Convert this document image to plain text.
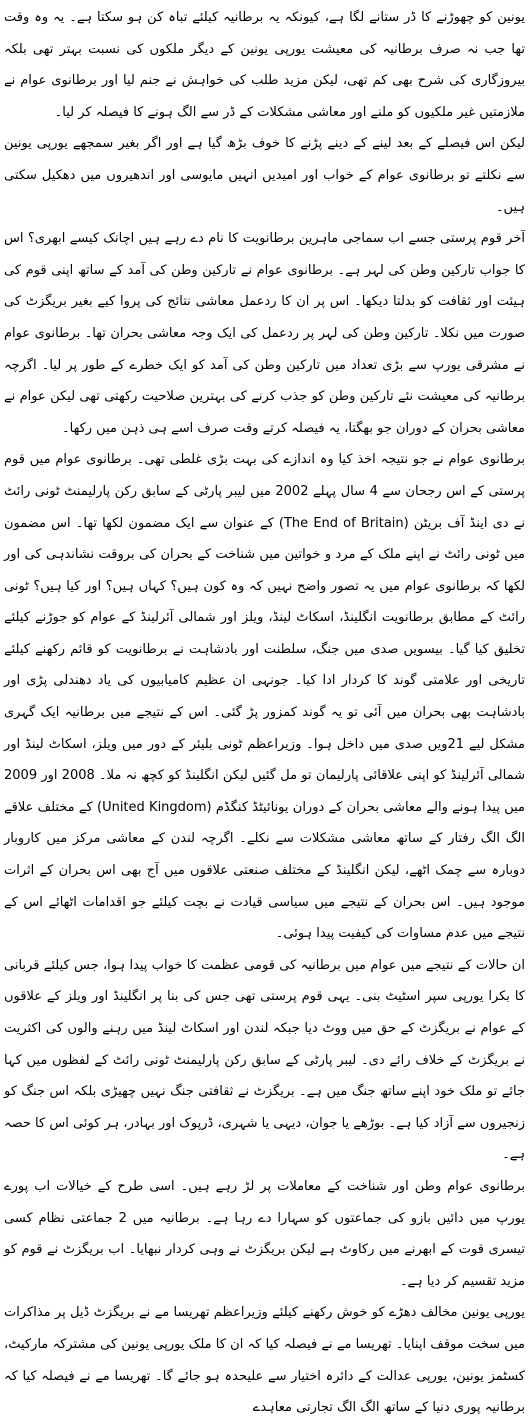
یونین کو چھوڑنے کا ڈر ستانے لگا ہے، کیونکہ یہ برطانیہ کیلئے تباہ کن ہو سکتا ہے۔ یہ وہ وقت تھا جب نہ صرف برطانیہ کی معیشت یورپی یونین کے دیگر ملکوں کی نسبت بہتر تھی بلکہ بیروزگاری کی شرح بھی کم تھی، لیکن مزید طلب کی خواہش نے جنم لیا اور برطانوی عوام نے ملازمتیں غیر ملکیوں کو ملنے اور معاشی مشکلات کے ڈر سے الگ ہونے کا فیصلہ کر لیا۔

لیکن اس فیصلے کے بعد لینے کے دینے پڑنے کا خوف بڑھ گیا ہے اور اگر بغیر سمجھے یورپی یونین سے نکلتے تو برطانوی عوام کے خواب اور امیدیں انہیں مایوسی اور اندھیروں میں دھکیل سکتی ہیں۔

آخر قوم پرستی جسے اب سماجی ماہرین برطانویت کا نام دے رہے ہیں اچانک کیسے ابھری؟ اس کا جواب تارکین وطن کی لہر ہے۔ برطانوی عوام نے تارکین وطن کی آمد کے ساتھ اپنی قوم کی ہیئت اور ثقافت کو بدلتا دیکھا۔ اس پر ان کا ردعمل معاشی نتائج کی پروا کیے بغیر بریگزٹ کی صورت میں نکلا۔ تارکین وطن کی لہر پر ردعمل کی ایک وجہ معاشی بحران تھا۔ برطانوی عوام نے مشرقی یورپ سے بڑی تعداد میں تارکین وطن کی آمد کو ایک خطرے کے طور پر لیا۔ اگرچہ برطانیہ کی معیشت نئے تارکین وطن کو جذب کرنے کی بہترین صلاحیت رکھتی تھی لیکن عوام نے معاشی بحران کے دوران جو بھگتا، یہ فیصلہ کرتے وقت صرف اسے ہی ذہن میں رکھا۔

برطانوی عوام نے جو نتیجہ اخذ کیا وہ اندازے کی بہت بڑی غلطی تھی۔ برطانوی عوام میں قوم پرستی کے اس رجحان سے 4 سال پہلے 2002 میں لیبر پارٹی کے سابق رکن پارلیمنٹ ٹونی رائٹ نے دی اینڈ آف بریٹن (The End of Britain) کے عنوان سے ایک مضمون لکھا تھا۔ اس مضمون میں ٹونی رائٹ نے اپنے ملک کے مرد و خواتین میں شناخت کے بحران کی بروقت نشاندہی کی اور لکھا کہ برطانوی عوام میں یہ تصور واضح نہیں کہ وہ کون ہیں؟ کہاں ہیں؟ اور کیا ہیں؟ ٹونی رائٹ کے مطابق برطانویت انگلینڈ، اسکاٹ لینڈ، ویلز اور شمالی آئرلینڈ کے عوام کو جوڑنے کیلئے تخلیق کیا گیا۔ بیسویں صدی میں جنگ، سلطنت اور بادشاہت نے برطانویت کو قائم رکھنے کیلئے تاریخی اور علامتی گوند کا کردار ادا کیا۔ جونہی ان عظیم کامیابیوں کی یاد دھندلی پڑی اور بادشاہت بھی بحران میں آئی تو یہ گوند کمزور پڑ گئی۔ اس کے نتیجے میں برطانیہ ایک گہری مشکل لیے 21ویں صدی میں داخل ہوا۔ وزیراعظم ٹونی بلیئر کے دور میں ویلز، اسکاٹ لینڈ اور شمالی آئرلینڈ کو اپنی علاقائی پارلیمان تو مل گئیں لیکن انگلینڈ کو کچھ نہ ملا۔ 2008 اور 2009 میں پیدا ہونے والے معاشی بحران کے دوران یونائیٹڈ کنگڈم (United Kingdom) کے مختلف علاقے الگ الگ رفتار کے ساتھ معاشی مشکلات سے نکلے۔ اگرچہ لندن کے معاشی مرکز میں کاروبار دوبارہ سے چمک اٹھے، لیکن انگلینڈ کے مختلف صنعتی علاقوں میں آج بھی اس بحران کے اثرات موجود ہیں۔ اس بحران کے نتیجے میں سیاسی قیادت نے بچت کیلئے جو اقدامات اٹھائے اس کے نتیجے میں عدم مساوات کی کیفیت پیدا ہوئی۔

ان حالات کے نتیجے میں عوام میں برطانیہ کی قومی عظمت کا خواب پیدا ہوا، جس کیلئے قربانی کا بکرا یورپی سپر اسٹیٹ بنی۔ یہی قوم پرستی تھی جس کی بنا پر انگلینڈ اور ویلز کے علاقوں کے عوام نے بریگزٹ کے حق میں ووٹ دیا جبکہ لندن اور اسکاٹ لینڈ میں رہنے والوں کی اکثریت نے بریگزٹ کے خلاف رائے دی۔ لیبر پارٹی کے سابق رکن پارلیمنٹ ٹونی رائٹ کے لفظوں میں کہا جائے تو ملک خود اپنے ساتھ جنگ میں ہے۔ بریگزٹ نے ثقافتی جنگ نہیں چھیڑی بلکہ اس جنگ کو زنجیروں سے آزاد کیا ہے۔ بوڑھے یا جوان، دیہی یا شہری، ڈرپوک اور بہادر، ہر کوئی اس کا حصہ ہے۔

برطانوی عوام وطن اور شناخت کے معاملات پر لڑ رہے ہیں۔ اسی طرح کے خیالات اب پورے یورپ میں دائیں بازو کی جماعتوں کو سہارا دے رہا ہے۔ برطانیہ میں 2 جماعتی نظام کسی تیسری قوت کے ابھرنے میں رکاوٹ ہے لیکن بریگزٹ نے وہی کردار نبھایا۔ اب بریگزٹ نے قوم کو مزید تقسیم کر دیا ہے۔

یورپی یونین مخالف دھڑے کو خوش رکھنے کیلئے وزیراعظم تھریسا مے نے بریگزٹ ڈیل پر مذاکرات میں سخت موقف اپنایا۔ تھریسا مے نے فیصلہ کیا کہ ان کا ملک یورپی یونین کی مشترکہ مارکیٹ، کسٹمز یونین، یورپی عدالت کے دائرہ اختیار سے علیحدہ ہو جائے گا۔ تھریسا مے نے فیصلہ کیا کہ برطانیہ پوری دنیا کے ساتھ الگ الگ تجارتی معاہدے
